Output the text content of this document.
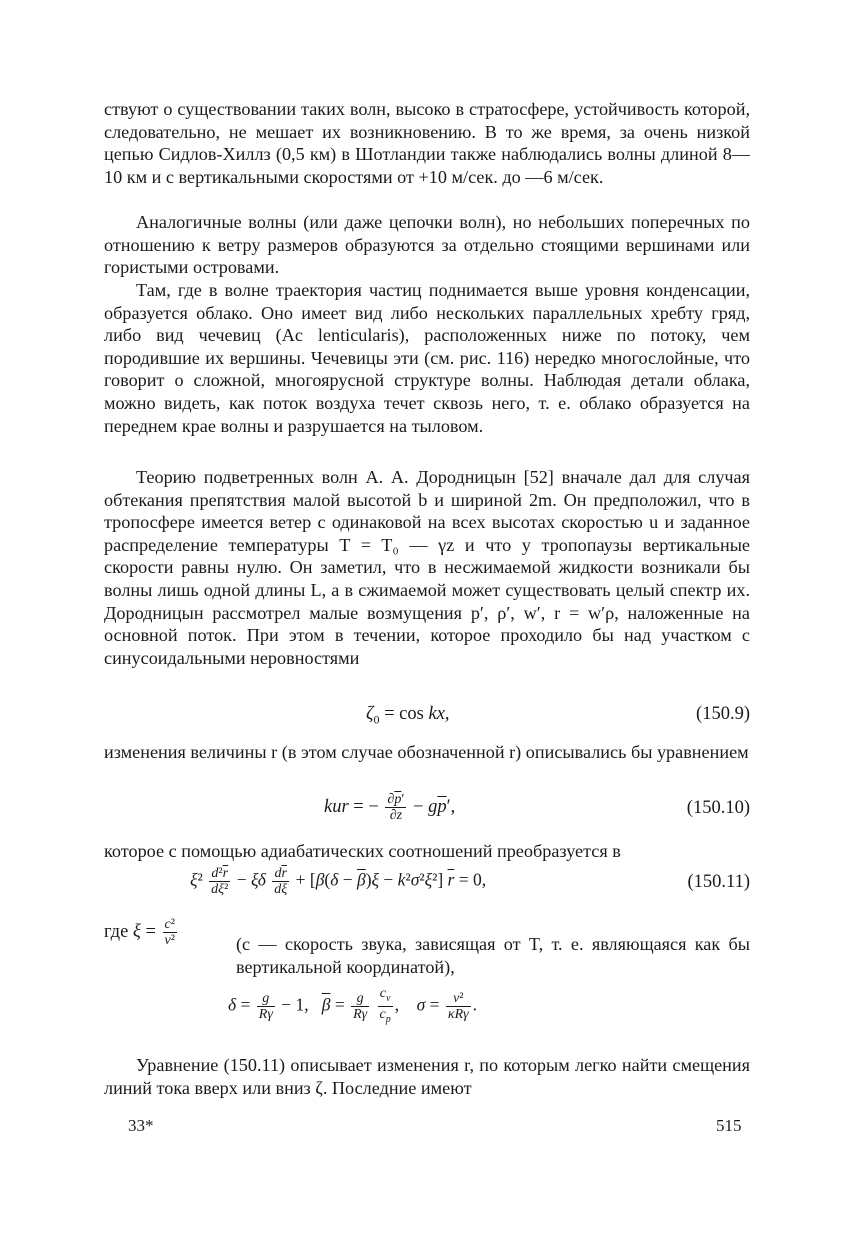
ствуют о существовании таких волн, высоко в стратосфере, устойчивость которой, следовательно, не мешает их возникновению. В то же время, за очень низкой цепью Сидлов-Хиллз (0,5 км) в Шотландии также наблюдались волны длиной 8—10 км и с вертикальными скоростями от +10 м/сек. до —6 м/сек.

Аналогичные волны (или даже цепочки волн), но небольших поперечных по отношению к ветру размеров образуются за отдельно стоящими вершинами или гористыми островами.

Там, где в волне траектория частиц поднимается выше уровня конденсации, образуется облако. Оно имеет вид либо нескольких параллельных хребту гряд, либо вид чечевиц (Ac lenticularis), расположенных ниже по потоку, чем породившие их вершины. Чечевицы эти (см. рис. 116) нередко многослойные, что говорит о сложной, многоярусной структуре волны. Наблюдая детали облака, можно видеть, как поток воздуха течет сквозь него, т. е. облако образуется на переднем крае волны и разрушается на тыловом.

Теорию подветренных волн А. А. Дородницын [52] вначале дал для случая обтекания препятствия малой высотой b и шириной 2m. Он предположил, что в тропосфере имеется ветер с одинаковой на всех высотах скоростью u и заданное распределение температуры T = T₀ — γz и что у тропопаузы вертикальные скорости равны нулю. Он заметил, что в несжимаемой жидкости возникали бы волны лишь одной длины L, а в сжимаемой может существовать целый спектр их. Дородницын рассмотрел малые возмущения p′, ρ′, w′, r = w′ρ, наложенные на основной поток. При этом в течении, которое проходило бы над участком с синусоидальными неровностями

$\zeta_0 = \cos$ kx,	(150.9)

изменения величины r (в этом случае обозначенной r) описывались бы уравнением

kur = − $\frac{\partial\overline{p}'}{\partial z} - g\overline{p}'$,	(150.10)

которое с помощью адиабатических соотношений преобразуется в

$\xi^2 \frac{d^2\overline{r}}{\text{dξ²}} - \xi\delta \frac{d\overline{r}}{d\xi} + [\beta(\delta - \overline{\beta})\xi - k^2\sigma^2\xi^2] \overline{r} = 0$,	(150.11)
где $\xi = \frac{\text{c²}}{\text{v²}}$	(c — скорость звука, зависящая от T, т. е. являющаяся как бы вертикальной координатой),

$\delta = \frac{g}{R\gamma} - 1$,   $\overline{\beta} = \frac{g}{R\gamma}$
$\frac{c_v}{c_p}$ ,    $\sigma = \frac{\text{v²}}{\text{κRγ}}$ .

Уравнение (150.11) описывает изменения r, по которым легко найти смещения линий тока вверх или вниз ζ. Последние имеют

33*	515
